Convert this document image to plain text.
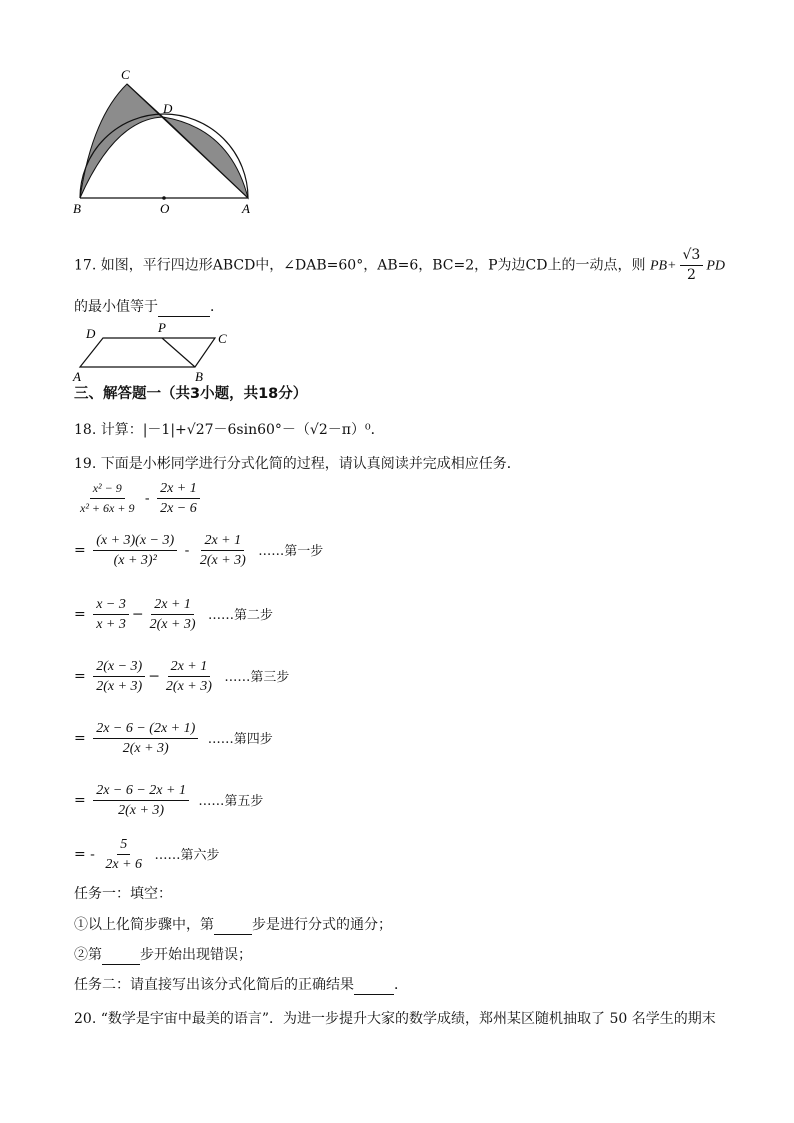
C
D
B	O	A
17. 如图，平行四边形ABCD中，∠DAB=60°，AB=6，BC=2，P为边CD上的一动点，则 $PB+ \frac{√3}{2}$ PD
的最小值等于	．
D	P
C
A	B
三、解答题一（共3小题，共18分）
18. 计算：|－1|+√27－6sin60°－（√2－π）⁰．
19. 下面是小彬同学进行分式化简的过程，请认真阅读并完成相应任务．
$\frac{\text{x² − 9}}{\text{x² + 6x + 9}} - \frac{2x + 1}{2x - 6}$
= $\frac{(x + 3)(x - 3)}{\text{(x + 3)²}} - \frac{2x + 1}{2(x + 3)}$ ……第一步
= $\frac{x - 3}{x + 3} - \frac{2x + 1}{2(x + 3)}$ ……第二步
= $\frac{2(x - 3)}{2(x + 3)} - \frac{2x + 1}{2(x + 3)}$ ……第三步
= $\frac{2x - 6 - (2x + 1)}{2(x + 3)}$ ……第四步
= $\frac{2x - 6 - 2x + 1}{2(x + 3)}$ ……第五步
= - $\frac{5}{2x + 6}$ ……第六步
任务一：填空：
①以上化简步骤中，第	步是进行分式的通分；
②第	步开始出现错误；
任务二：请直接写出该分式化简后的正确结果	．
20. “数学是宇宙中最美的语言”．为进一步提升大家的数学成绩，郑州某区随机抽取了 50 名学生的期末
